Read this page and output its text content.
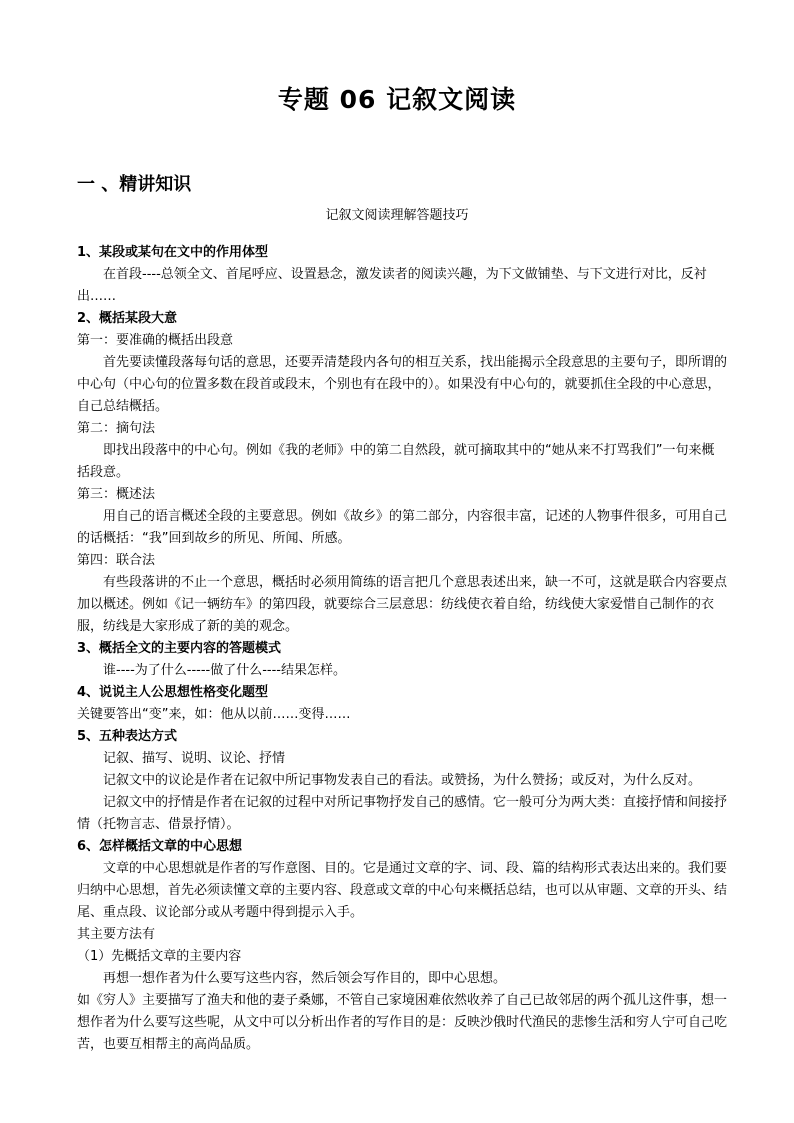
专题 06 记叙文阅读
一 、精讲知识
记叙文阅读理解答题技巧

1、某段或某句在文中的作用体型

在首段----总领全文、首尾呼应、设置悬念，激发读者的阅读兴趣，为下文做铺垫、与下文进行对比，反衬出……

2、概括某段大意

第一：要准确的概括出段意

首先要读懂段落每句话的意思，还要弄清楚段内各句的相互关系，找出能揭示全段意思的主要句子，即所谓的中心句（中心句的位置多数在段首或段末，个别也有在段中的）。如果没有中心句的，就要抓住全段的中心意思，自己总结概括。

第二：摘句法

即找出段落中的中心句。例如《我的老师》中的第二自然段，就可摘取其中的“她从来不打骂我们”一句来概括段意。

第三：概述法

用自己的语言概述全段的主要意思。例如《故乡》的第二部分，内容很丰富，记述的人物事件很多，可用自己的话概括：“我”回到故乡的所见、所闻、所感。

第四：联合法

有些段落讲的不止一个意思，概括时必须用简练的语言把几个意思表述出来，缺一不可，这就是联合内容要点加以概述。例如《记一辆纺车》的第四段，就要综合三层意思：纺线使衣着自给，纺线使大家爱惜自己制作的衣服，纺线是大家形成了新的美的观念。

3、概括全文的主要内容的答题模式

谁----为了什么-----做了什么----结果怎样。

4、说说主人公思想性格变化题型

关键要答出“变”来，如：他从以前……变得……

5、五种表达方式

记叙、描写、说明、议论、抒情

记叙文中的议论是作者在记叙中所记事物发表自己的看法。或赞扬，为什么赞扬；或反对，为什么反对。

记叙文中的抒情是作者在记叙的过程中对所记事物抒发自己的感情。它一般可分为两大类：直接抒情和间接抒情（托物言志、借景抒情）。

6、怎样概括文章的中心思想

文章的中心思想就是作者的写作意图、目的。它是通过文章的字、词、段、篇的结构形式表达出来的。我们要归纳中心思想，首先必须读懂文章的主要内容、段意或文章的中心句来概括总结，也可以从审题、文章的开头、结尾、重点段、议论部分或从考题中得到提示入手。

其主要方法有

（1）先概括文章的主要内容

再想一想作者为什么要写这些内容，然后领会写作目的，即中心思想。

如《穷人》主要描写了渔夫和他的妻子桑娜，不管自己家境困难依然收养了自己已故邻居的两个孤儿这件事，想一想作者为什么要写这些呢，从文中可以分析出作者的写作目的是：反映沙俄时代渔民的悲惨生活和穷人宁可自己吃苦，也要互相帮主的高尚品质。
